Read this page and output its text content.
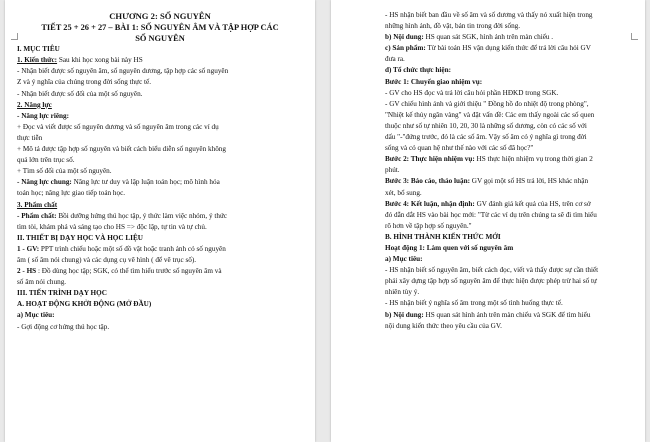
CHƯƠNG 2: SỐ NGUYÊN
TIẾT 25 + 26 + 27 – BÀI 1: SỐ NGUYÊN ÂM VÀ TẬP HỢP CÁC
SỐ NGUYÊN
I. MỤC TIÊU
1. Kiến thức: Sau khi học xong bài này HS
- Nhận biết được số nguyên âm, số nguyên dương, tập hợp các số nguyên
Z và ý nghĩa của chúng trong đời sống thực tế.
- Nhận biết được số đối của một số nguyên.
2. Năng lực
- Năng lực riêng:
+ Đọc và viết được số nguyên dương và số nguyên âm trong các ví dụ
thực tiễn
+ Mô tả được tập hợp số nguyên và biết cách biểu diễn số nguyên không
quá lớn trên trục số.
+ Tìm số đối của một số nguyên.
- Năng lực chung: Năng lực tư duy và lập luận toán học; mô hình hóa
toán học; năng lực giao tiếp toán học.
3. Phẩm chất
- Phẩm chất: Bồi dưỡng hứng thú học tập, ý thức làm việc nhóm, ý thức
tìm tòi, khám phá và sáng tạo cho HS => độc lập, tự tin và tự chủ.
II. THIẾT BỊ DẠY HỌC VÀ HỌC LIỆU
1 - GV: PPT trình chiếu hoặc một số đồ vật hoặc tranh ảnh có số nguyên
âm ( số âm nói chung) và các dụng cụ vẽ hình ( để vẽ trục số).
2 - HS : Đồ dùng học tập; SGK, có thể tìm hiểu trước số nguyên âm và
số âm nói chung.
III. TIẾN TRÌNH DẠY HỌC
A. HOẠT ĐỘNG KHỞI ĐỘNG (MỞ ĐẦU)
a) Mục tiêu:
- Gợi động cơ hứng thú học tập.
- HS nhận biết ban đầu về số âm và số dương và thấy nó xuất hiện trong
những hình ảnh, đồ vật, bản tin trong đời sống.
b) Nội dung: HS quan sát SGK, hình ảnh trên màn chiếu .
c) Sản phẩm: Từ bài toán HS vận dụng kiến thức để trả lời câu hỏi GV
đưa ra.
d) Tổ chức thực hiện:
Bước 1: Chuyển giao nhiệm vụ:
- GV cho HS đọc và trả lời câu hỏi phần HĐKD trong SGK.
- GV chiếu hình ảnh và giới thiệu " Đồng hồ đo nhiệt độ trong phòng",
"Nhiệt kế thủy ngân vàng" và đặt vấn đề: Các em thấy ngoài các số quen
thuộc như số tự nhiên 10, 20, 30 là những số dương, còn có các số với
dấu "-"đứng trước, đó là các số âm. Vậy số âm có ý nghĩa gì trong đời
sống và có quan hệ như thế nào với các số đã học?"
Bước 2: Thực hiện nhiệm vụ: HS thực hiện nhiệm vụ trong thời gian 2
phút.
Bước 3: Báo cáo, thảo luận: GV gọi một số HS trả lời, HS khác nhận
xét, bổ sung.
Bước 4: Kết luận, nhận định: GV đánh giá kết quả của HS, trên cơ sở
đó dẫn dắt HS vào bài học mới: "Từ các ví dụ trên chúng ta sẽ đi tìm hiểu
rõ hơn về tập hợp số nguyên."
B. HÌNH THÀNH KIẾN THỨC MỚI
Hoạt động 1: Làm quen với số nguyên âm
a) Mục tiêu:
- HS nhận biết số nguyên âm, biết cách đọc, viết và thấy được sự cần thiết
phải xây dựng tập hợp số nguyên âm để thực hiện được phép trừ hai số tự
nhiên tùy ý.
- HS nhận biết ý nghĩa số âm trong một số tình huống thực tế.
b) Nội dung: HS quan sát hình ảnh trên màn chiếu và SGK để tìm hiểu
nội dung kiến thức theo yêu cầu của GV.
